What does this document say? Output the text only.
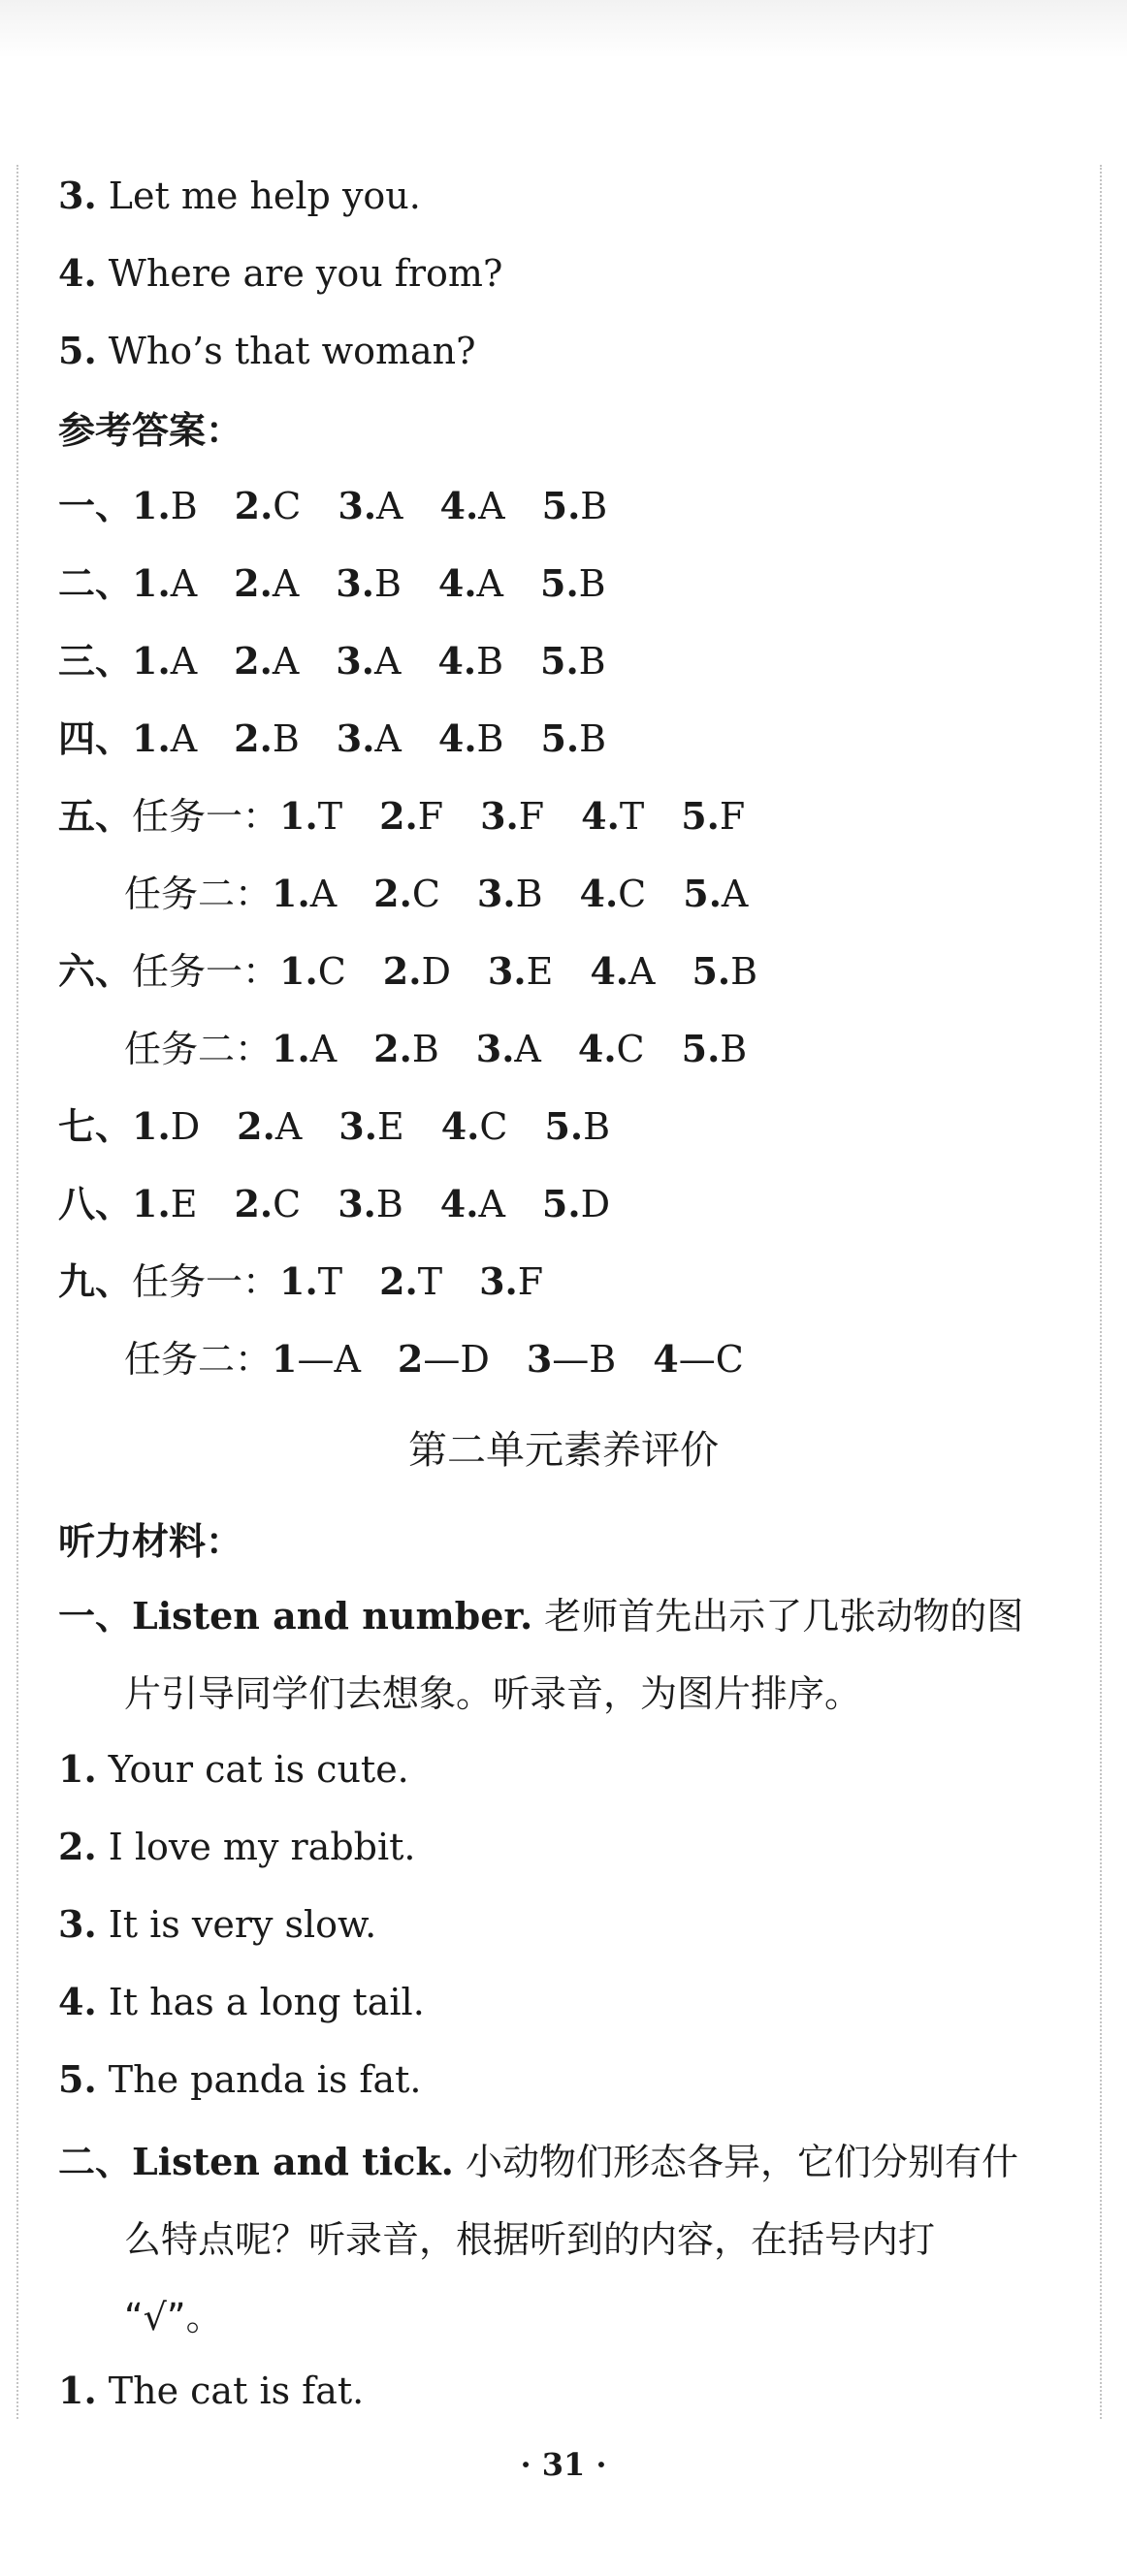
3. Let me help you.
4. Where are you from?
5. Who’s that woman?
参考答案：
一、1.B 2.C 3.A 4.A 5.B
二、1.A 2.A 3.B 4.A 5.B
三、1.A 2.A 3.A 4.B 5.B
四、1.A 2.B 3.A 4.B 5.B
五、任务一：1.T 2.F 3.F 4.T 5.F
任务二：1.A 2.C 3.B 4.C 5.A
六、任务一：1.C 2.D 3.E 4.A 5.B
任务二：1.A 2.B 3.A 4.C 5.B
七、1.D 2.A 3.E 4.C 5.B
八、1.E 2.C 3.B 4.A 5.D
九、任务一：1.T 2.T 3.F
任务二：1—A 2—D 3—B 4—C
第二单元素养评价
听力材料：
一、Listen and number. 老师首先出示了几张动物的图
片引导同学们去想象。听录音，为图片排序。
1. Your cat is cute.
2. I love my rabbit.
3. It is very slow.
4. It has a long tail.
5. The panda is fat.
二、Listen and tick. 小动物们形态各异，它们分别有什
么特点呢？听录音，根据听到的内容，在括号内打
“√”。
1. The cat is fat.
· 31 ·
